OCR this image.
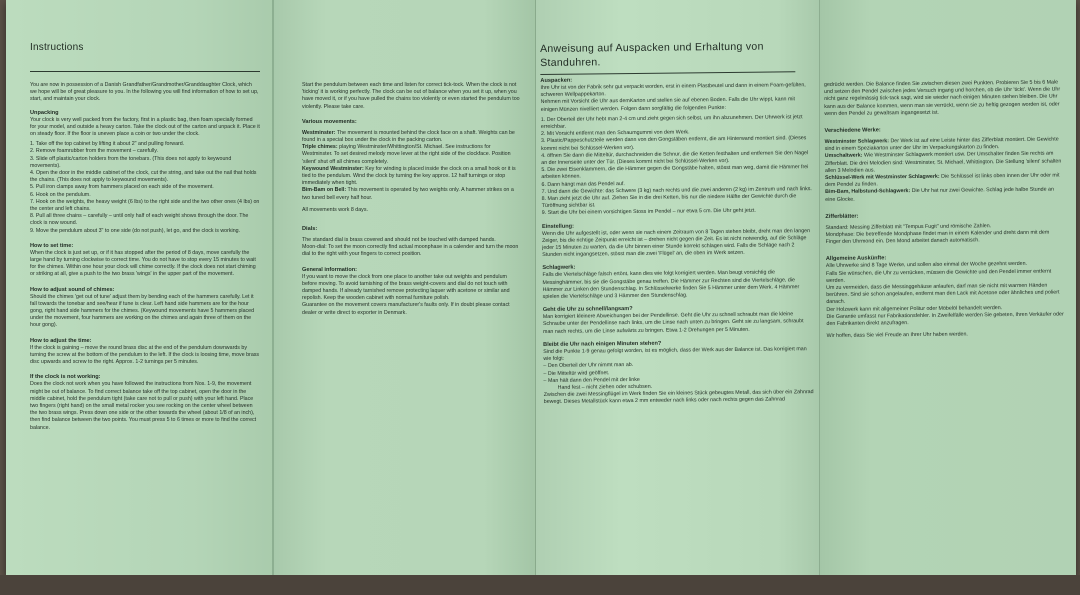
Instructions

You are now in possession of a Danish Grandfather/Grandmother/Granddaughter Clock, which we hope will be of great pleasure to you. In the following you will find information of how to set up, start, and maintain your clock.

Unpacking

Your clock is very well packed from the factory, first in a plastic bag, then foam specially formed for your model, and outside a heavy carton. Take the clock out of the carton and unpack it. Place it on steady floor. If the floor is uneven place a coin or two under the clock.

1. Take off the top cabinet by lifting it about 2" and pulling forward.
2. Remove foamrubber from the movement – carefully.
3. Slide off plastic/carton holders from the tonebars. (This does not apply to keywound movements).
4. Open the door in the middle cabinet of the clock, cut the string, and take out the nail that holds the chains. (This does not apply to keywound movements).
5. Pull iron clamps away from hammers placed on each side of the movement.
6. Hook on the pendulum.
7. Hook on the weights, the heavy weight (6 lbs) to the right side and the two other ones (4 lbs) on the center and left chains.
8. Pull all three chains – carefully – until only half of each weight shows through the door. The clock is now wound.
9. Move the pendulum about 3" to one side (do not push), let go, and the clock is working.
How to set time:

When the clock is just set up, or if it has stopped after the period of 8 days, move carefully the large hand by turning clockwise to correct time. You do not have to stop every 15 minutes to wait for the chimes. Within one hour your clock will chime correctly. If the clock does not start chiming or striking at all, give a push to the two brass 'wings' in the upper part of the movement.

How to adjust sound of chimes:

Should the chimes 'get out of tune' adjust them by bending each of the hammers carefully. Let it fall towards the tonebar and see/hear if tune is clear. Left hand side hammers are for the hour gong, right hand side hammers for the chimes. (Keywound movements have 5 hammers placed under the movement, four hammers are working on the chimes and again three of them on the hour gong).

How to adjust the time:

If the clock is gaining – move the round brass disc at the end of the pendulum downwards by turning the screw at the bottom of the pendulum to the left. If the clock is loosing time, move brass disc upwards and screw to the right. Approx. 1-2 turnings per 5 minutes.

If the clock is not working:

Does the clock not work when you have followed the instructions from Nos. 1-9, the movement might be out of balance. To find correct balance take off the top cabinet, open the door in the middle cabinet, hold the pendulum tight (take care not to pull or push) with your left hand. Place two fingers (right hand) on the small metal rocker you see rocking on the center wheel between the two brass wings. Press down one side or the other towards the wheel (about 1/8 of an inch), then find balance between the two points. You must press 5 to 6 times or more to find the correct balance.

Start the pendulum between each time and listen for correct tick-tock. When the clock is not 'ticking' it is working perfectly. The clock can be out of balance when you set it up, when you have moved it, or if you have pulled the chains too violently or even started the pendulum too violently. Please take care.

Various movements:

Westminster: The movement is mounted behind the clock face on a shaft. Weights can be found in a special box under the clock in the packing carton.

Triple chimes: playing Westminster/Whittington/St. Michael. See instructions for Westminster. To set desired melody move lever at the right side of the clockface. Position 'silent' shut off all chimes completely.

Keywound Westminster: Key for winding is placed inside the clock on a small hook or it is tied to the pendulum. Wind the clock by turning the key approx. 12 half turnings or stop immediately when tight.

Bim-Bam on Bell: This movement is operated by two weights only. A hammer strikes on a two tuned bell every half hour.

All movements work 8 days.

Dials:

The standard dial is brass covered and should not be touched with damped hands.

Moon-dial: To set the moon correctly find actual moonphase in a calender and turn the moon dial to the right with your fingers to correct position.

General information:

If you want to move the clock from one place to another take out weights and pendulum before moving. To avoid tarnishing of the brass weight-covers and dial do not touch with damped hands. If already tarnished remove protecting laquer with acetone or similar and repolish. Keep the wooden cabinet with normal furniture polish.

Guarantee on the movement covers manufacturer's faults only. If in doubt please contact dealer or write direct to exporter in Denmark.

Anweisung auf Auspacken und Erhaltung von Standuhren.
Auspacken:

Ihre Uhr ist von der Fabrik sehr gut verpackt worden, erst in einem Plastbeutel und dann in einem Foam-gefülten, schweren Wellpappekarton.

Nehmen mit Vorsicht die Uhr aus demKarton und stellen sie auf ebenen Boden. Falls die Uhr wippt, kann mit einigen Münzen nivelliert werden. Folgen dann sorgfältig die folgenden Punkte:

1. Der Oberteil der Uhr hebt man 2-4 cm und zieht gegen sich selbst, um ihn abzunehmen. Der Uhrwerk ist jetzt erreichbar.
2. Mit Vorsicht entfernt man den Schaumgummi von dem Werk.
3. Plastic/Pappeschutzteile werden dann von den Gongstäben entfernt, die am Hinterwand montiert sind. (Dieses kommt nicht bei Schlüssel-Werken vor).
4. öffnen Sie dann die Mitteltür, durchschneiden die Schnur, die die Ketten festhalten und entfernen Sie den Nagel an der Innenseite unter der Tür. (Dieses kommt nicht bei Schlüssel-Werken vor).
5. Die zwei Eisenklammern, die die Hämmer gegen die Gongstäbe halten, stösst man weg, damit die Hämmer frei arbeiten können.
6. Dann hängt man das Pendel auf.
7. Und dann die Gewichte: das Schwere (3 kg) nach rechts und die zwei anderen (2 kg) im Zentrum und nach links.
8. Man zieht jetzt die Uhr auf. Ziehen Sie in die drei Ketten, bis nur die niedere Hälfte der Gewichte durch die Türöffnung sichtbar ist.
9. Start die Uhr bei einem vorsichtigen Stoss im Pendel – nur etwa 5 cm. Die Uhr geht jetzt.
Einstellung:

Wenn die Uhr aufgestellt ist, oder wenn sie nach einem Zeitraum von 8 Tagen stehen bleibt, dreht man den langen Zeiger, bis die richtige Zeitpunkt erreicht ist – drehen nicht gegen die Zeit. Es ist nicht notwendig, auf die Schläge jeder 15 Minuten zu warten, da die Uhr binnen einer Stunde korrekt schlagen wird. Falls die Schläge nach 2 Stunden nicht ingangsetzen, stösst man die zwei 'Flügel' an, die oben im Werk setzen.

Schlagwerk:

Falls die Viertelschläge falsch ertönt, kann dies wie folgt korrigiert werden. Man beugt vorsichtig die Messinghämmer, bis sie die Gongstäbe genau treffen. Die Hämmer zur Rechten sind die Viertelschläge, die Hämmer zur Linken den Stundenschlag. In Schlüsselwerke finden Sie 5 Hämmer unter dem Werk. 4 Hämmer spielen die Viertelschläge und 3 Hämmer den Stundenschlag.

Geht die Uhr zu schnell/langsam?

Man korrigiert kleinere Abweichungen bei der Pendellinse. Geht die Uhr zu schnell schraubt man die kleine Schraube unter der Pendellinse nach links, um die Linse nach unten zu bringen. Geht sie zu langsam, schraubt man nach rechts, um die Linse aufwärts zu bringen. Etwa 1-2 Drehungen per 5 Minuten.

Bleibt die Uhr nach einigen Minuten stehen?

Sind die Punkte 1-9 genau gefolgt worden, ist es möglich, dass der Werk aus der Balance ist. Das korrigiert man wie folgt:

– Den Oberteil der Uhr nimmt man ab.
– Die Mitteltür wird geöffnet.
– Man hält dann den Pendel mit der linke

Hand fest – nicht ziehen oder schubsen.

Zwischen die zwei Messingflügel im Werk finden Sie ein kleines Stück gebeugtes Metall, das sich über ein Zahnrad bewegt. Dieses Metallstück kann etwa 2 mm entweder nach links oder nach rechts gegen das Zahnrad

gedrückt werden. Die Balance finden Sie zwischen diesen zwei Punkten. Probieren Sie 5 bis 6 Male und setzen den Pendel zwischen jedes Versuch ingang und horchen, ob die Uhr 'tickt'. Wenn die Uhr nicht ganz regelmässig tick-tack sagt, wird sie wieder nach einigen Minuten stehen bleiben. Die Uhr kann aus der Balance kommen, wenn man sie verrückt, wenn sie zu heftig gezogen worden ist, oder wenn den Pendel zu gewaltsam ingangesetzt ist.

Verschiedene Werke:

Westminster Schlagwerk: Der Werk ist auf eine Leiste hinter das Zifferblatt montiert. Die Gewichte sind in einem Speziakarton unter der Uhr im Verpackungskarton zu finden.

Umschaltwerk: Wie Westminster Schlagwerk montiert usw. Der Umschalter finden Sie rechts am Zifferblatt. Die drei Melodien sind: Westminster, St. Michael, Whittington. Die Stellung 'silent' schalten allen 3 Melodien aus.

Schlüssel-Werk mit Westminster Schlagwerk: Die Schlüssel ist links oben innen der Uhr oder mit dem Pendel zu finden.

Bim-Bam, Halbstund-Schlagwerk: Die Uhr hat nur zwei Gewichte. Schlag jede halbe Stunde an eine Glocke.

Zifferblätter:

Standard: Messing Zifferblatt mit "Tempus Fugit" und römische Zahlen.

Mondphase: Die betreffende Mondphase findet man in einem Kalender und dreht dann mit dem Finger den Uhrmond ein. Den Mond arbeitet danach automatisch.

Allgemeine Auskünfte:

Alle Uhrwerke sind 8 Tage Werke, und sollen also einmal der Woche gezehnt werden.

Falls Sie wünschen, die Uhr zu verrücken, müssen die Gewichte und den Pendel immer entfernt werden.

Um zu vermeiden, dass die Messinggehäuse anlaufen, darf man sie nicht mit warmen Händen berühren. Sind sie schon angelaufen, entfernt man den Lack mit Acetone oder ähnliches und poliert danach.

Der Holzwerk kann mit allgemeiner Politur oder Möbelöl behandelt werden.

Die Garantie umfasst nur Fabrikationsfehler. In Zweifelfälle werden Sie gebeten, Ihren Verkäufer oder den Fabrikanten direkt anzufragen.

Wir hoffen, dass Sie viel Freude an Ihrer Uhr haben werden.
